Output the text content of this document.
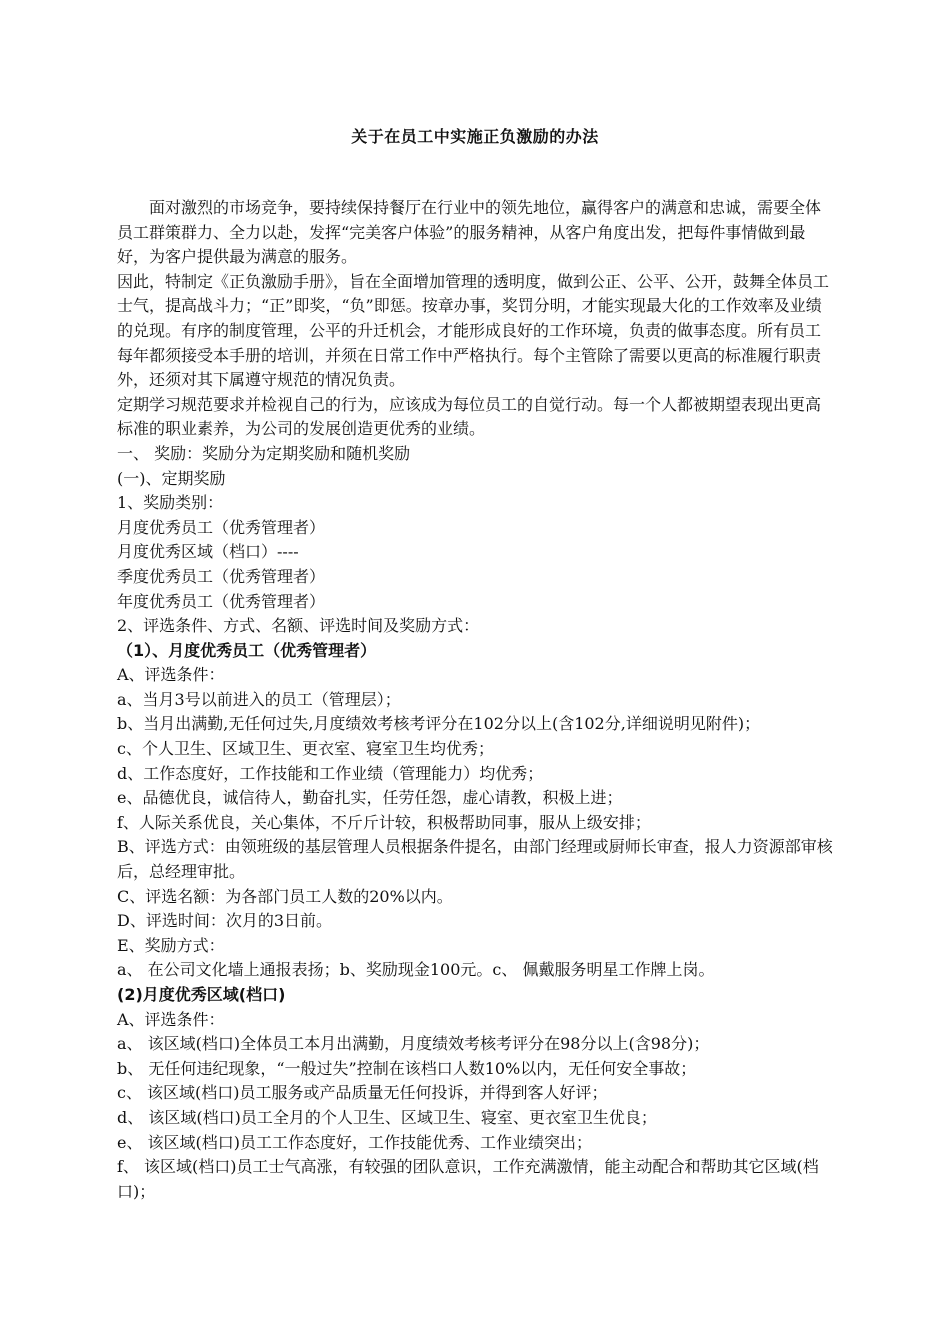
关于在员工中实施正负激励的办法

面对激烈的市场竞争，要持续保持餐厅在行业中的领先地位，赢得客户的满意和忠诚，需要全体员工群策群力、全力以赴，发挥“完美客户体验”的服务精神，从客户角度出发，把每件事情做到最好，为客户提供最为满意的服务。

因此，特制定《正负激励手册》，旨在全面增加管理的透明度，做到公正、公平、公开，鼓舞全体员工士气，提高战斗力；“正”即奖，“负”即惩。按章办事，奖罚分明，才能实现最大化的工作效率及业绩的兑现。有序的制度管理，公平的升迁机会，才能形成良好的工作环境，负责的做事态度。所有员工每年都须接受本手册的培训，并须在日常工作中严格执行。每个主管除了需要以更高的标准履行职责外，还须对其下属遵守规范的情况负责。

定期学习规范要求并检视自己的行为，应该成为每位员工的自觉行动。每一个人都被期望表现出更高标准的职业素养，为公司的发展创造更优秀的业绩。

一、 奖励：奖励分为定期奖励和随机奖励

(一)、定期奖励

1、奖励类别：

月度优秀员工（优秀管理者）

月度优秀区域（档口）----

季度优秀员工（优秀管理者）

年度优秀员工（优秀管理者）

2、评选条件、方式、名额、评选时间及奖励方式：

（1）、月度优秀员工（优秀管理者）

A、评选条件：

a、当月3号以前进入的员工（管理层）；

b、当月出满勤,无任何过失,月度绩效考核考评分在102分以上(含102分,详细说明见附件)；

c、个人卫生、区域卫生、更衣室、寝室卫生均优秀；

d、工作态度好，工作技能和工作业绩（管理能力）均优秀；

e、品德优良，诚信待人，勤奋扎实，任劳任怨，虚心请教，积极上进；

f、人际关系优良，关心集体，不斤斤计较，积极帮助同事，服从上级安排；

B、评选方式：由领班级的基层管理人员根据条件提名，由部门经理或厨师长审查，报人力资源部审核后，总经理审批。

C、评选名额：为各部门员工人数的20%以内。

D、评选时间：次月的3日前。

E、奖励方式：

a、 在公司文化墙上通报表扬；b、奖励现金100元。c、 佩戴服务明星工作牌上岗。

(2)月度优秀区域(档口)

A、评选条件：

a、 该区域(档口)全体员工本月出满勤，月度绩效考核考评分在98分以上(含98分)；

b、 无任何违纪现象，“一般过失”控制在该档口人数10%以内，无任何安全事故；

c、 该区域(档口)员工服务或产品质量无任何投诉，并得到客人好评；

d、 该区域(档口)员工全月的个人卫生、区域卫生、寝室、更衣室卫生优良；

e、 该区域(档口)员工工作态度好，工作技能优秀、工作业绩突出；

f、 该区域(档口)员工士气高涨，有较强的团队意识，工作充满激情，能主动配合和帮助其它区域(档口)；
